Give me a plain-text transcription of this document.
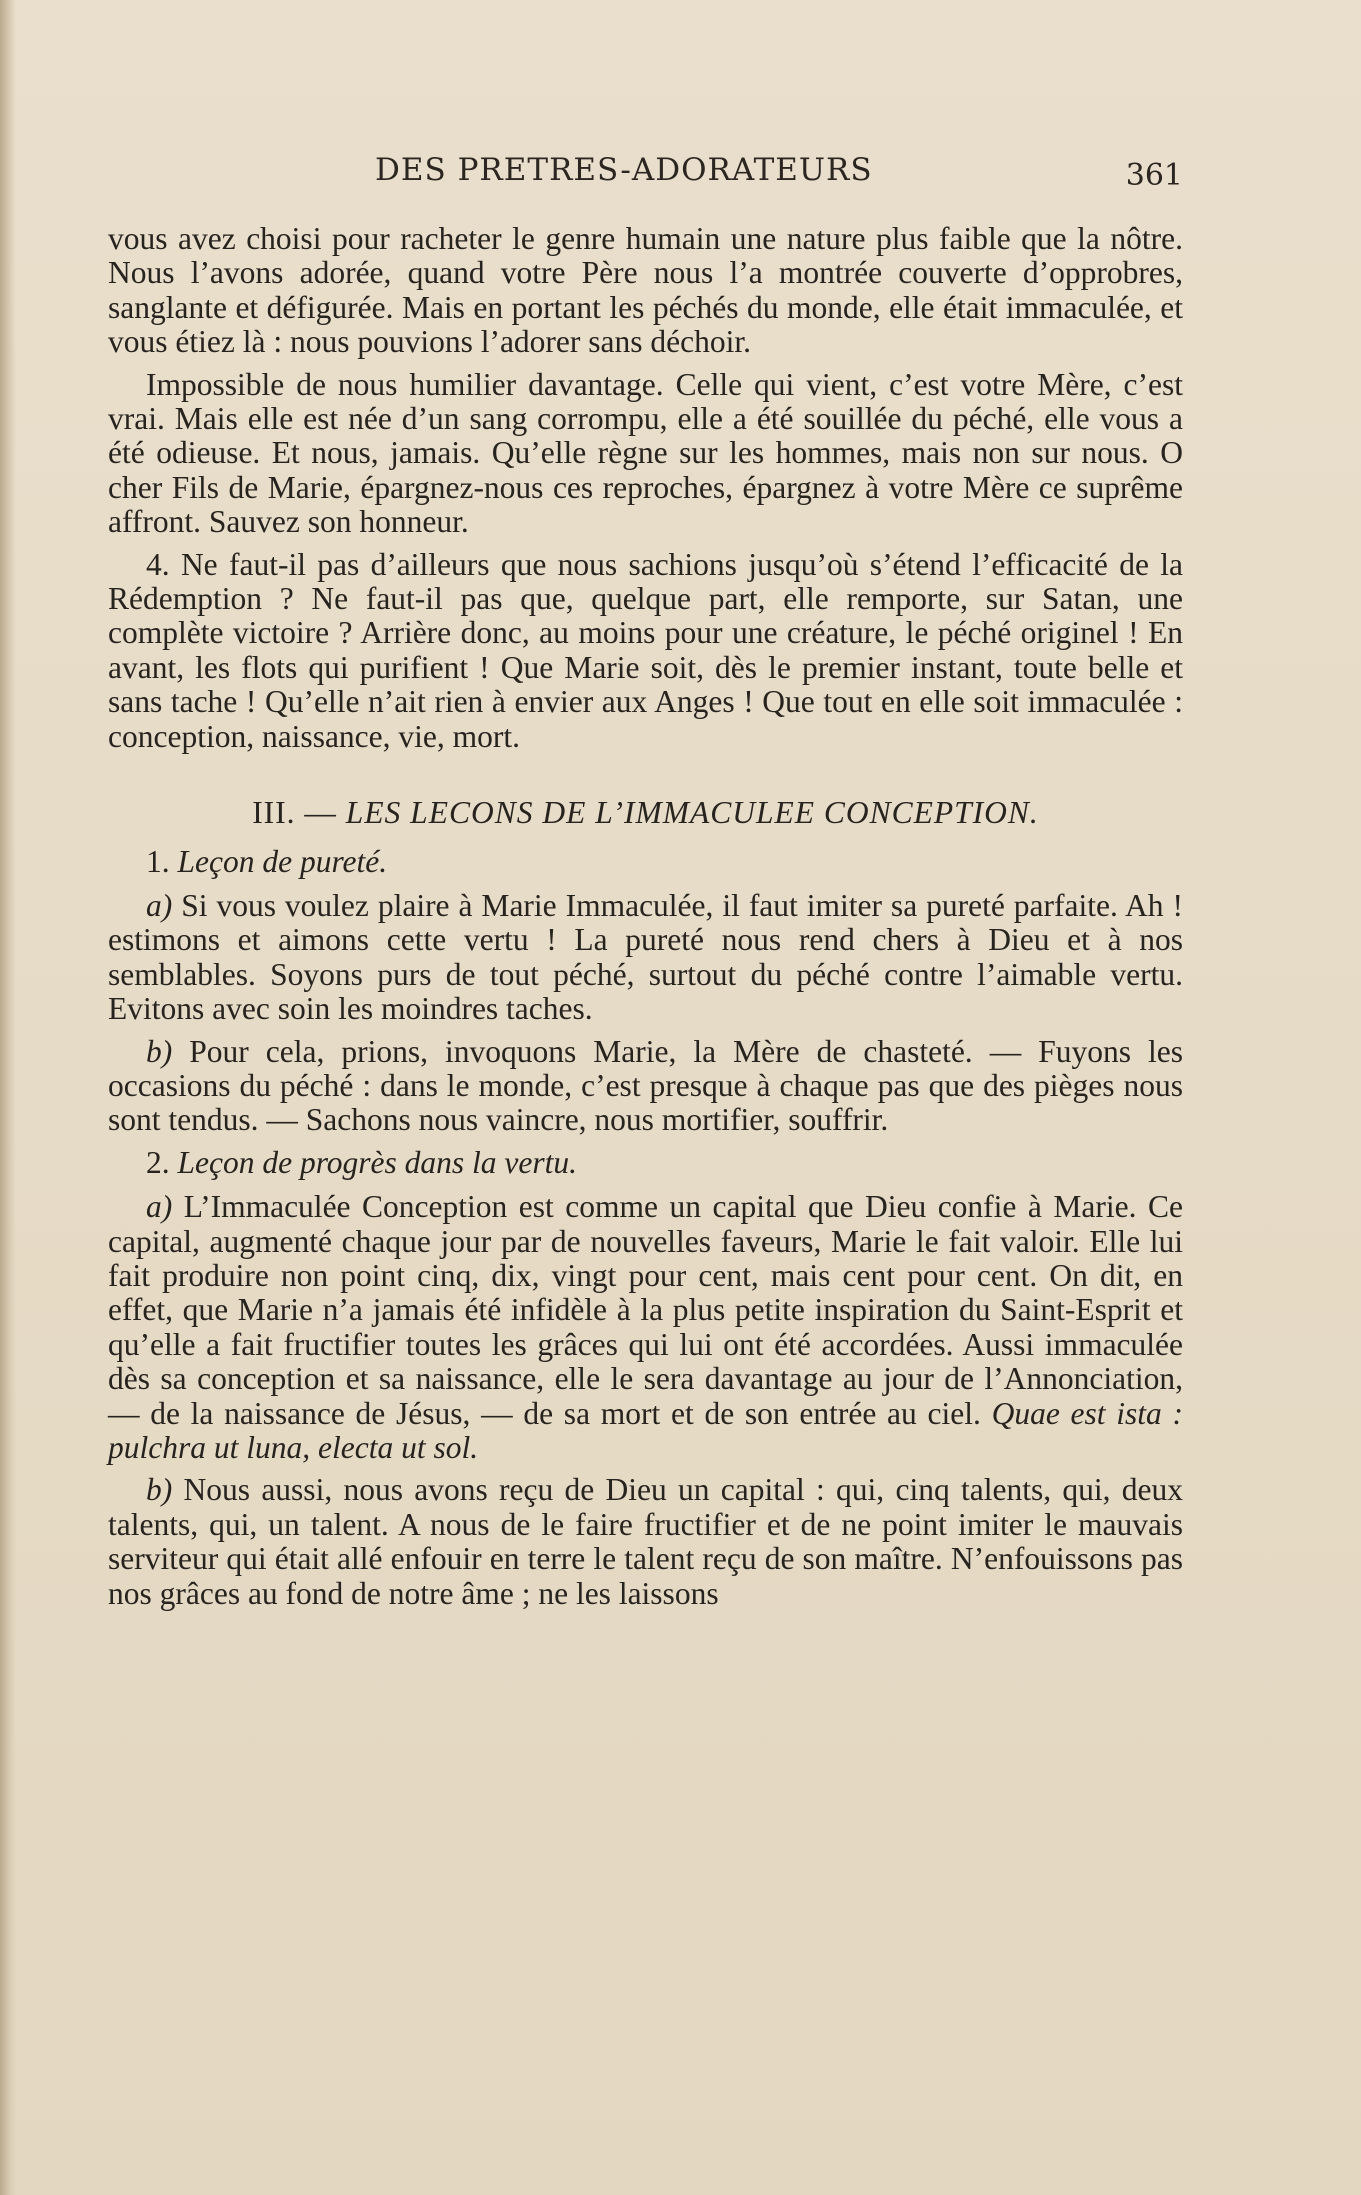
DES PRETRES-ADORATEURS	361

vous avez choisi pour racheter le genre humain une nature plus faible que la nôtre. Nous l’avons adorée, quand votre Père nous l’a montrée couverte d’opprobres, sanglante et défigurée. Mais en portant les péchés du monde, elle était immaculée, et vous étiez là : nous pouvions l’adorer sans déchoir.

Impossible de nous humilier davantage. Celle qui vient, c’est votre Mère, c’est vrai. Mais elle est née d’un sang corrompu, elle a été souillée du péché, elle vous a été odieuse. Et nous, jamais. Qu’elle règne sur les hommes, mais non sur nous. O cher Fils de Marie, épargnez-nous ces reproches, épargnez à votre Mère ce suprême affront. Sauvez son honneur.

4. Ne faut-il pas d’ailleurs que nous sachions jusqu’où s’étend l’efficacité de la Rédemption ? Ne faut-il pas que, quelque part, elle remporte, sur Satan, une complète victoire ? Arrière donc, au moins pour une créature, le péché originel ! En avant, les flots qui purifient ! Que Marie soit, dès le premier instant, toute belle et sans tache ! Qu’elle n’ait rien à envier aux Anges ! Que tout en elle soit immaculée : conception, naissance, vie, mort.

III. — LES LECONS DE L’IMMACULEE CONCEPTION.

1. Leçon de pureté.

a) Si vous voulez plaire à Marie Immaculée, il faut imiter sa pureté parfaite. Ah ! estimons et aimons cette vertu ! La pureté nous rend chers à Dieu et à nos semblables. Soyons purs de tout péché, surtout du péché contre l’aimable vertu. Evitons avec soin les moindres taches.

b) Pour cela, prions, invoquons Marie, la Mère de chasteté. — Fuyons les occasions du péché : dans le monde, c’est presque à chaque pas que des pièges nous sont tendus. — Sachons nous vaincre, nous mortifier, souffrir.

2. Leçon de progrès dans la vertu.

a) L’Immaculée Conception est comme un capital que Dieu confie à Marie. Ce capital, augmenté chaque jour par de nouvelles faveurs, Marie le fait valoir. Elle lui fait produire non point cinq, dix, vingt pour cent, mais cent pour cent. On dit, en effet, que Marie n’a jamais été infidèle à la plus petite inspiration du Saint-Esprit et qu’elle a fait fructifier toutes les grâces qui lui ont été accordées. Aussi immaculée dès sa conception et sa naissance, elle le sera davantage au jour de l’Annonciation, — de la naissance de Jésus, — de sa mort et de son entrée au ciel. Quae est ista : pulchra ut luna, electa ut sol.

b) Nous aussi, nous avons reçu de Dieu un capital : qui, cinq talents, qui, deux talents, qui, un talent. A nous de le faire fructifier et de ne point imiter le mauvais serviteur qui était allé enfouir en terre le talent reçu de son maître. N’enfouissons pas nos grâces au fond de notre âme ; ne les laissons
